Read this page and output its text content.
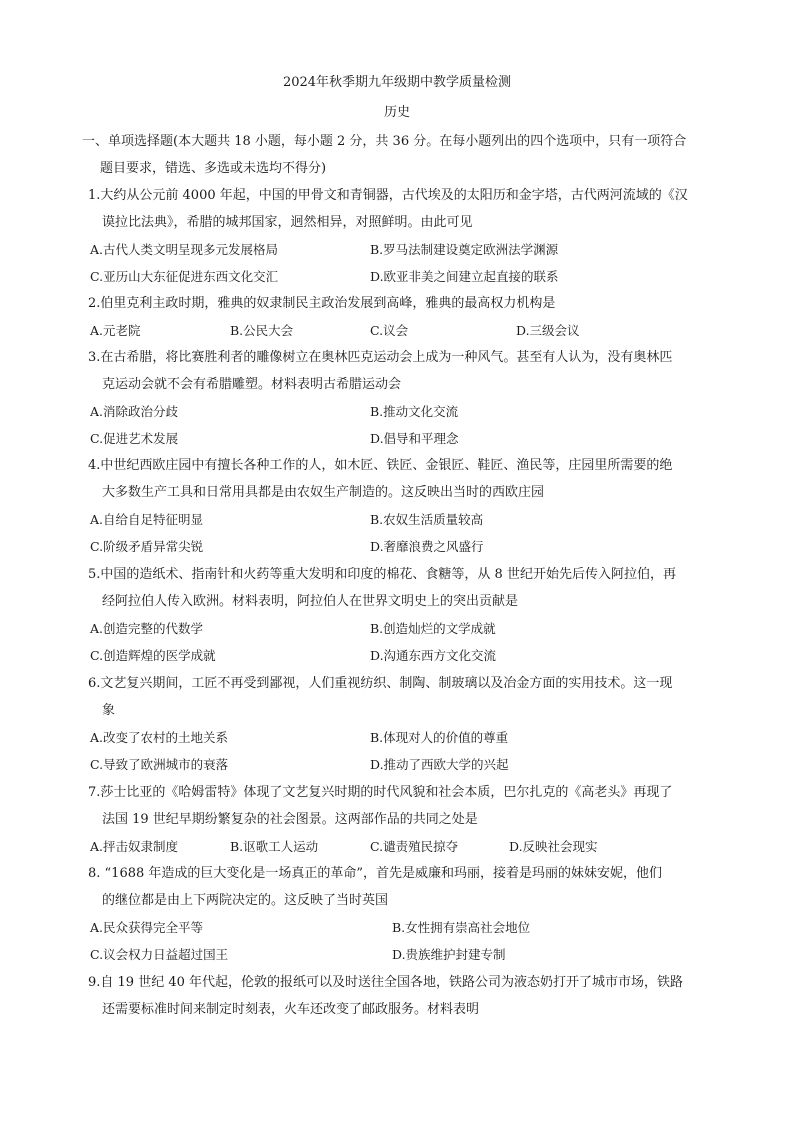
2024年秋季期九年级期中教学质量检测
历史
一、单项选择题(本大题共 18 小题，每小题 2 分，共 36 分。在每小题列出的四个选项中，只有一项符合
题目要求，错选、多选或未选均不得分)
1.大约从公元前 4000 年起，中国的甲骨文和青铜器，古代埃及的太阳历和金字塔，古代两河流域的《汉
谟拉比法典》，希腊的城邦国家，迥然相异，对照鲜明。由此可见
A.古代人类文明呈现多元发展格局	B.罗马法制建设奠定欧洲法学渊源
C.亚历山大东征促进东西文化交汇	D.欧亚非美之间建立起直接的联系
2.伯里克利主政时期，雅典的奴隶制民主政治发展到高峰，雅典的最高权力机构是
A.元老院	B.公民大会	C.议会	D.三级会议
3.在古希腊，将比赛胜利者的雕像树立在奥林匹克运动会上成为一种风气。甚至有人认为，没有奥林匹
克运动会就不会有希腊雕塑。材料表明古希腊运动会
A.消除政治分歧	B.推动文化交流
C.促进艺术发展	D.倡导和平理念
4.中世纪西欧庄园中有擅长各种工作的人，如木匠、铁匠、金银匠、鞋匠、渔民等，庄园里所需要的绝
大多数生产工具和日常用具都是由农奴生产制造的。这反映出当时的西欧庄园
A.自给自足特征明显	B.农奴生活质量较高
C.阶级矛盾异常尖锐	D.奢靡浪费之风盛行
5.中国的造纸术、指南针和火药等重大发明和印度的棉花、食糖等，从 8 世纪开始先后传入阿拉伯，再
经阿拉伯人传入欧洲。材料表明，阿拉伯人在世界文明史上的突出贡献是
A.创造完整的代数学	B.创造灿烂的文学成就
C.创造辉煌的医学成就	D.沟通东西方文化交流
6.文艺复兴期间，工匠不再受到鄙视，人们重视纺织、制陶、制玻璃以及冶金方面的实用技术。这一现
象
A.改变了农村的土地关系	B.体现对人的价值的尊重
C.导致了欧洲城市的衰落	D.推动了西欧大学的兴起
7.莎士比亚的《哈姆雷特》体现了文艺复兴时期的时代风貌和社会本质，巴尔扎克的《高老头》再现了
法国 19 世纪早期纷繁复杂的社会图景。这两部作品的共同之处是
A.抨击奴隶制度	B.讴歌工人运动	C.谴责殖民掠夺	D.反映社会现实
8. “1688 年造成的巨大变化是一场真正的革命”，首先是威廉和玛丽，接着是玛丽的妹妹安妮，他们
的继位都是由上下两院决定的。这反映了当时英国
A.民众获得完全平等	B.女性拥有崇高社会地位
C.议会权力日益超过国王	D.贵族维护封建专制
9.自 19 世纪 40 年代起，伦敦的报纸可以及时送往全国各地，铁路公司为液态奶打开了城市市场，铁路
还需要标准时间来制定时刻表，火车还改变了邮政服务。材料表明
